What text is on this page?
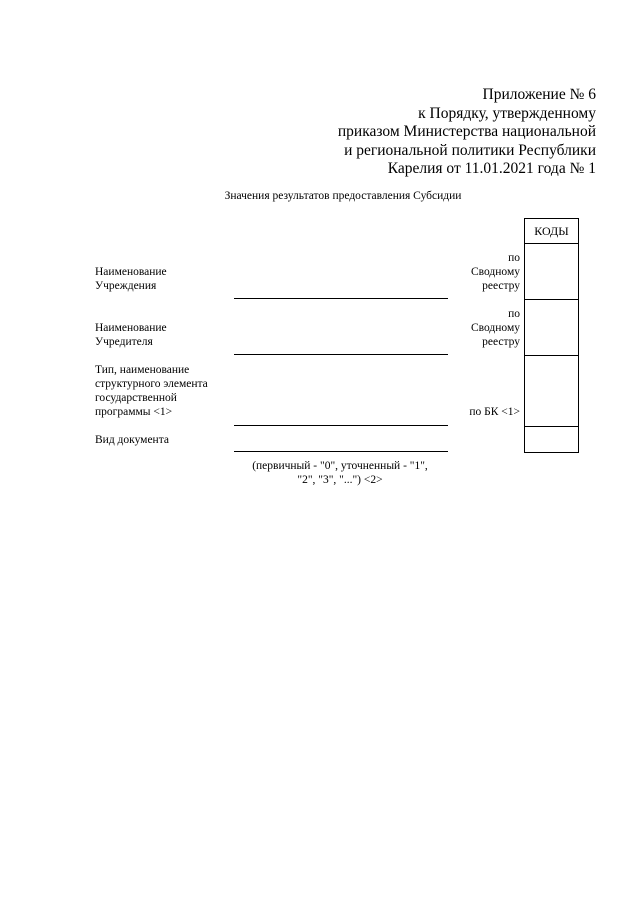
Приложение № 6
к Порядку, утвержденному
приказом Министерства национальной
и региональной политики Республики
Карелия от 11.01.2021 года № 1
Значения результатов предоставления Субсидии
Наименование
Учреждения
по
Сводному
реестру
Наименование
Учредителя
по
Сводному
реестру
Тип, наименование
структурного элемента
государственной
программы <1>	по БК <1>
Вид документа
(первичный - "0", уточненный - "1",
"2", "3", "...") <2>
КОДЫ
